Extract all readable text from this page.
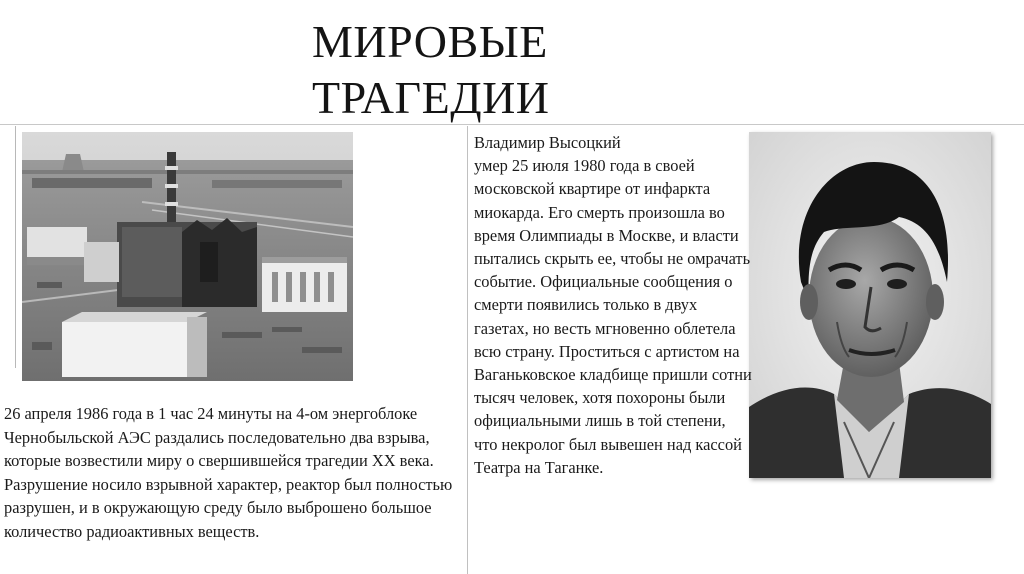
МИРОВЫЕ
ТРАГЕДИИ

26 апреля 1986 года в 1 час 24 минуты на 4-ом энергоблоке Чернобыльской АЭС раздались последовательно два взрыва, которые возвестили миру о свершившейся трагедии XX века. Разрушение носило взрывной характер, реактор был полностью разрушен, и в окружающую среду было выброшено большое количество радиоактивных веществ.

Владимир Высоцкий
умер 25 июля 1980 года в своей московской квартире от инфаркта миокарда. Его смерть произошла во время Олимпиады в Москве, и власти пытались скрыть ее, чтобы не омрачать событие. Официальные сообщения о смерти появились только в двух газетах, но весть мгновенно облетела всю страну. Проститься с артистом на Ваганьковское кладбище пришли сотни тысяч человек, хотя похороны были официальными лишь в той степени, что некролог был вывешен над кассой Театра на Таганке.
